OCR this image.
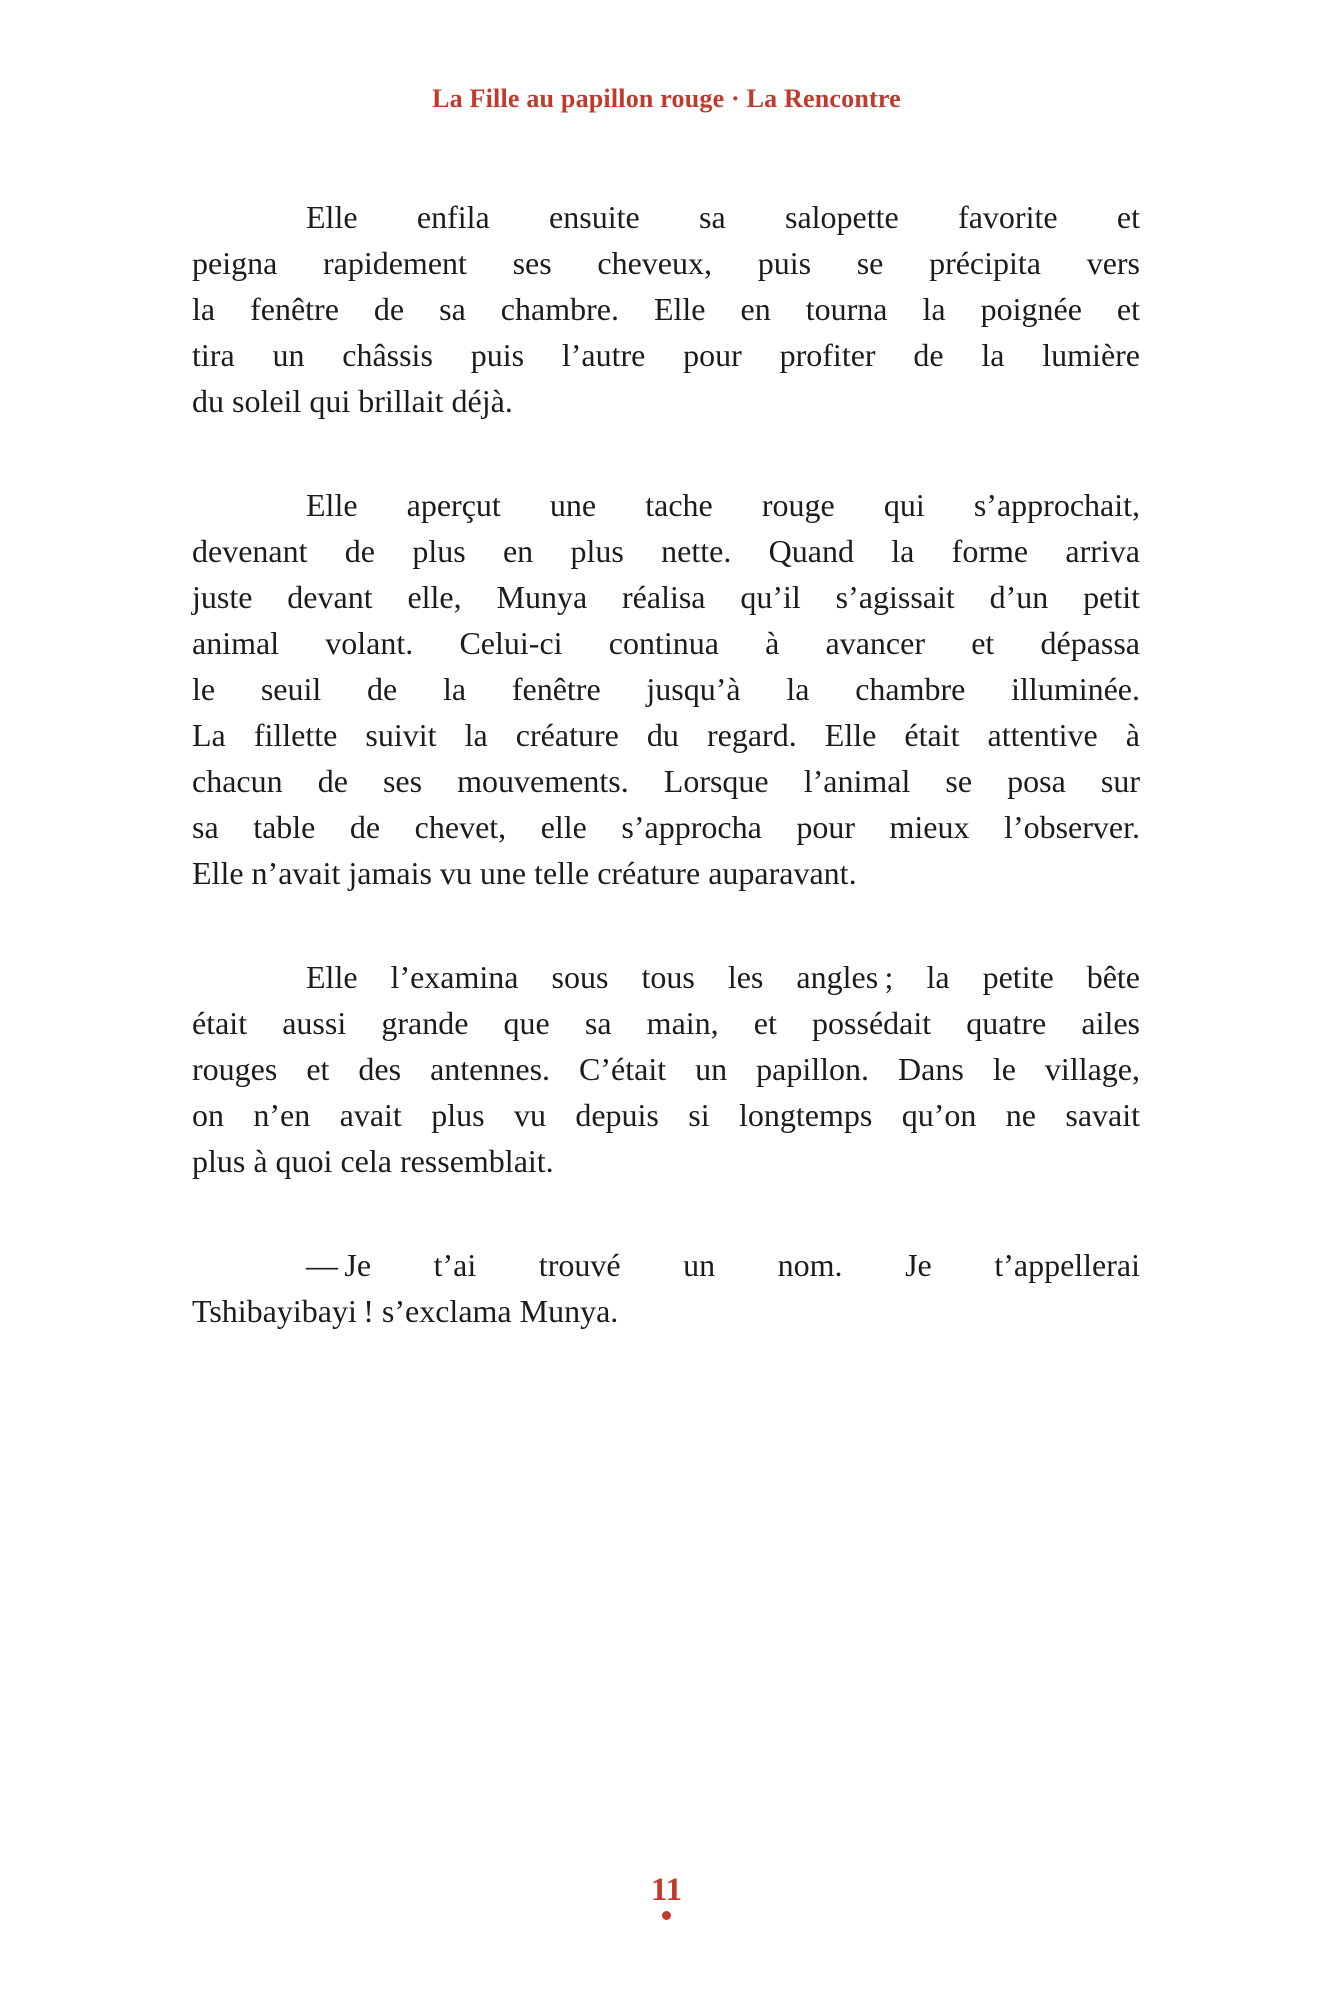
La Fille au papillon rouge · La Rencontre
Elle enfila ensuite sa salopette favorite et
peigna rapidement ses cheveux, puis se précipita vers
la fenêtre de sa chambre. Elle en tourna la poignée et
tira un châssis puis l’autre pour profiter de la lumière
du soleil qui brillait déjà.
Elle aperçut une tache rouge qui s’approchait,
devenant de plus en plus nette. Quand la forme arriva
juste devant elle, Munya réalisa qu’il s’agissait d’un petit
animal volant. Celui-ci continua à avancer et dépassa
le seuil de la fenêtre jusqu’à la chambre illuminée.
La fillette suivit la créature du regard. Elle était attentive à
chacun de ses mouvements. Lorsque l’animal se posa sur
sa table de chevet, elle s’approcha pour mieux l’observer.
Elle n’avait jamais vu une telle créature auparavant.
Elle l’examina sous tous les angles ; la petite bête
était aussi grande que sa main, et possédait quatre ailes
rouges et des antennes. C’était un papillon. Dans le village,
on n’en avait plus vu depuis si longtemps qu’on ne savait
plus à quoi cela ressemblait.
— Je t’ai trouvé un nom. Je t’appellerai
Tshibayibayi ! s’exclama Munya.
11
